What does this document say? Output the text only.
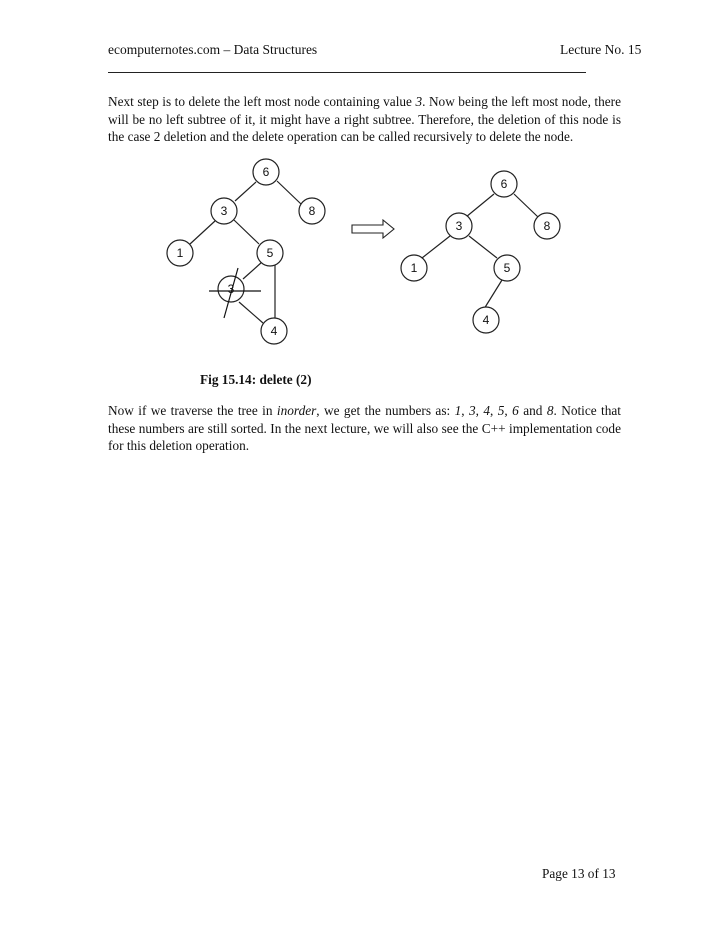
ecomputernotes.com – Data Structures	Lecture No. 15
Next step is to delete the left most node containing value 3. Now being the left most node, there will be no left subtree of it, it might have a right subtree. Therefore, the deletion of this node is the case 2 deletion and the delete operation can be called recursively to delete the node.
6
3	8
1	5
3
4
6
3	8
1	5
4
Fig 15.14: delete (2)
Now if we traverse the tree in inorder, we get the numbers as: 1, 3, 4, 5, 6 and 8. Notice that these numbers are still sorted. In the next lecture, we will also see the C++ implementation code for this deletion operation.
Page 13 of 13
